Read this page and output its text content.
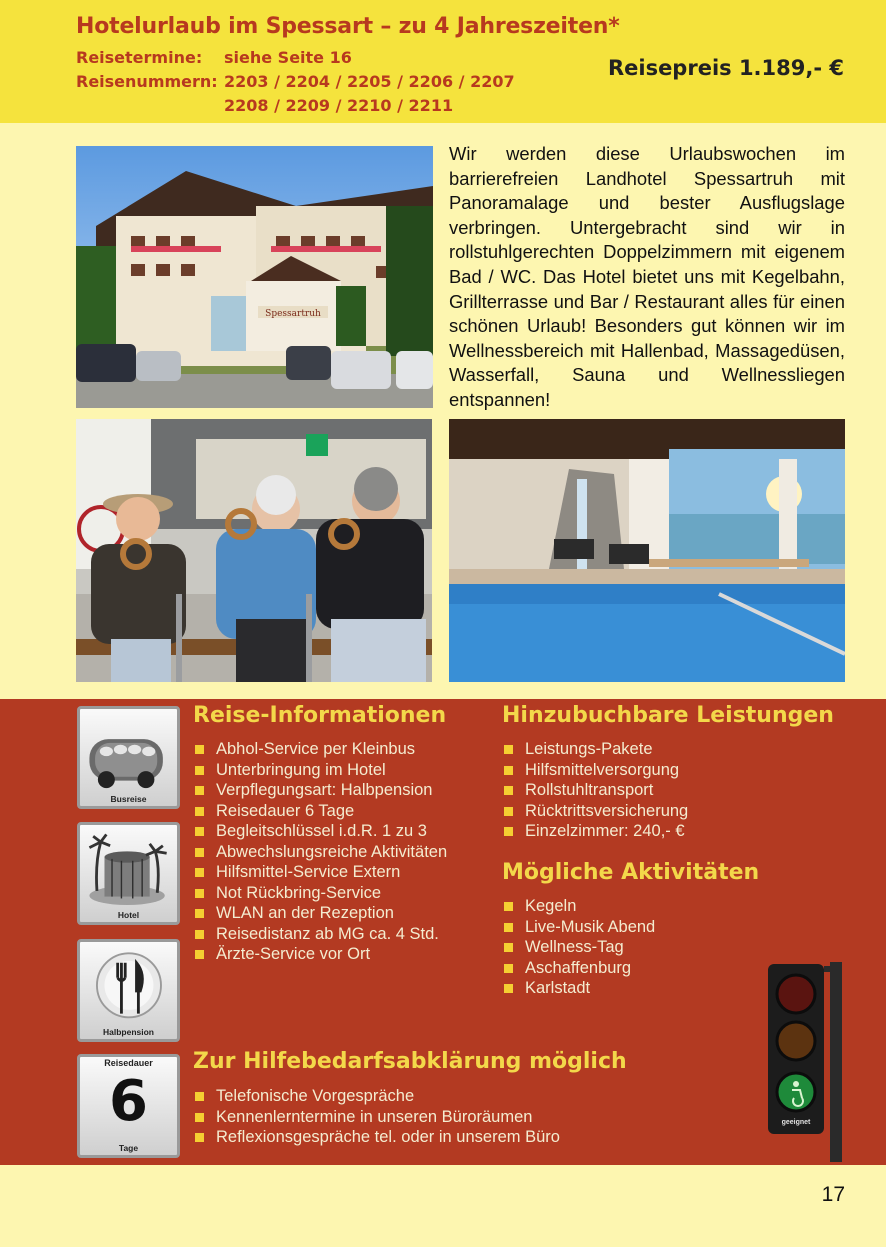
Hotelurlaub im Spessart – zu 4 Jahreszeiten*
Reisetermine: siehe Seite 16
Reisenummern: 2203 / 2204 / 2205 / 2206 / 2207
2208 / 2209 / 2210 / 2211
Reisepreis 1.189,- €
Spessartruh
Wir werden diese Urlaubswochen im barrierefreien Landhotel Spessartruh mit Panoramalage und bester Ausflugslage verbringen. Untergebracht sind wir in rollstuhlgerechten Doppelzimmern mit eigenem Bad / WC. Das Hotel bietet uns mit Kegelbahn, Grillterrasse und Bar / Restaurant alles für einen schönen Urlaub! Besonders gut können wir im Wellnessbereich mit Hallenbad, Massagedüsen, Wasserfall, Sauna und Wellnessliegen entspannen!
Busreise
Hotel
Halbpension
Reisedauer
6
Tage
Reise-Informationen
Abhol-Service per Kleinbus
Unterbringung im Hotel
Verpflegungsart: Halbpension
Reisedauer 6 Tage
Begleitschlüssel i.d.R. 1 zu 3
Abwechslungsreiche Aktivitäten
Hilfsmittel-Service Extern
Not Rückbring-Service
WLAN an der Rezeption
Reisedistanz ab MG ca. 4 Std.
Ärzte-Service vor Ort
Hinzubuchbare Leistungen
Leistungs-Pakete
Hilfsmittelversorgung
Rollstuhltransport
Rücktrittsversicherung
Einzelzimmer: 240,- €
Mögliche Aktivitäten
Kegeln
Live-Musik Abend
Wellness-Tag
Aschaffenburg
Karlstadt
Zur Hilfebedarfsabklärung möglich
Telefonische Vorgespräche
Kennenlerntermine in unseren Büroräumen
Reflexionsgespräche tel. oder in unserem Büro
geeignet
17
